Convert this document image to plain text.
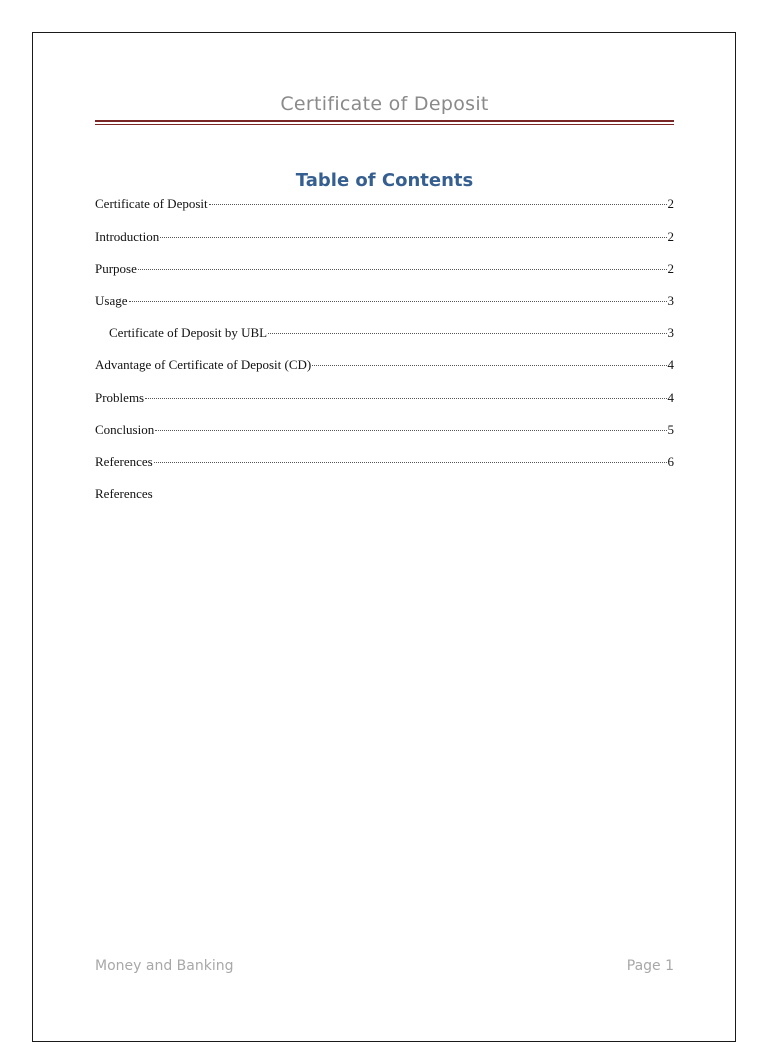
Certificate of Deposit
Table of Contents
Certificate of Deposit	2
Introduction	2
Purpose	2
Usage	3
Certificate of Deposit by UBL	3
Advantage of Certificate of Deposit (CD)	4
Problems	4
Conclusion	5
References	6
References
Money and Banking	Page 1
